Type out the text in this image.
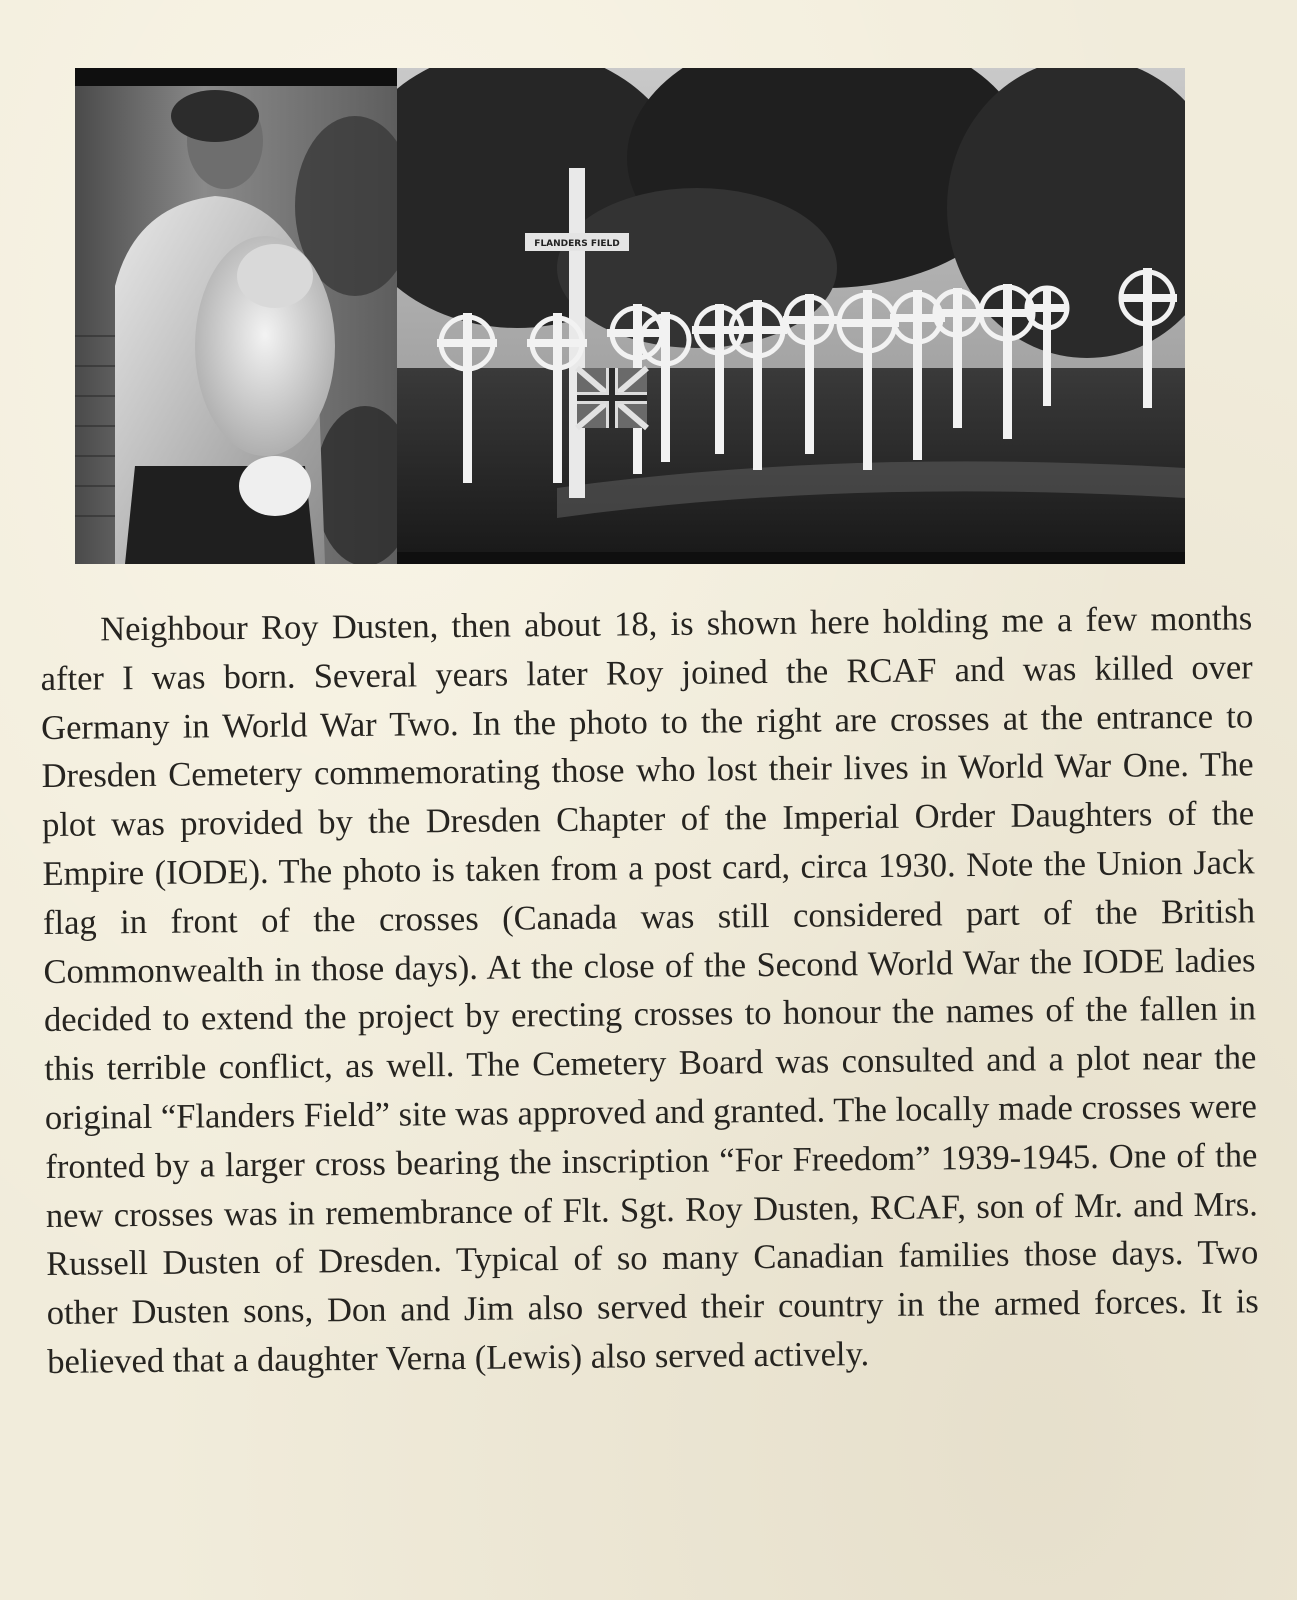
FLANDERS FIELD

Neighbour Roy Dusten, then about 18, is shown here holding me a few months after I was born. Several years later Roy joined the RCAF and was killed over Germany in World War Two. In the photo to the right are crosses at the entrance to Dresden Cemetery commemorating those who lost their lives in World War One. The plot was provided by the Dresden Chapter of the Imperial Order Daughters of the Empire (IODE). The photo is taken from a post card, circa 1930. Note the Union Jack flag in front of the crosses (Canada was still considered part of the British Commonwealth in those days). At the close of the Second World War the IODE ladies decided to extend the project by erecting crosses to honour the names of the fallen in this terrible conflict, as well. The Cemetery Board was consulted and a plot near the original “Flanders Field” site was approved and granted. The locally made crosses were fronted by a larger cross bearing the inscription “For Freedom” 1939-1945. One of the new crosses was in remembrance of Flt. Sgt. Roy Dusten, RCAF, son of Mr. and Mrs. Russell Dusten of Dresden. Typical of so many Canadian families those days. Two other Dusten sons, Don and Jim also served their country in the armed forces. It is believed that a daughter Verna (Lewis) also served actively.
